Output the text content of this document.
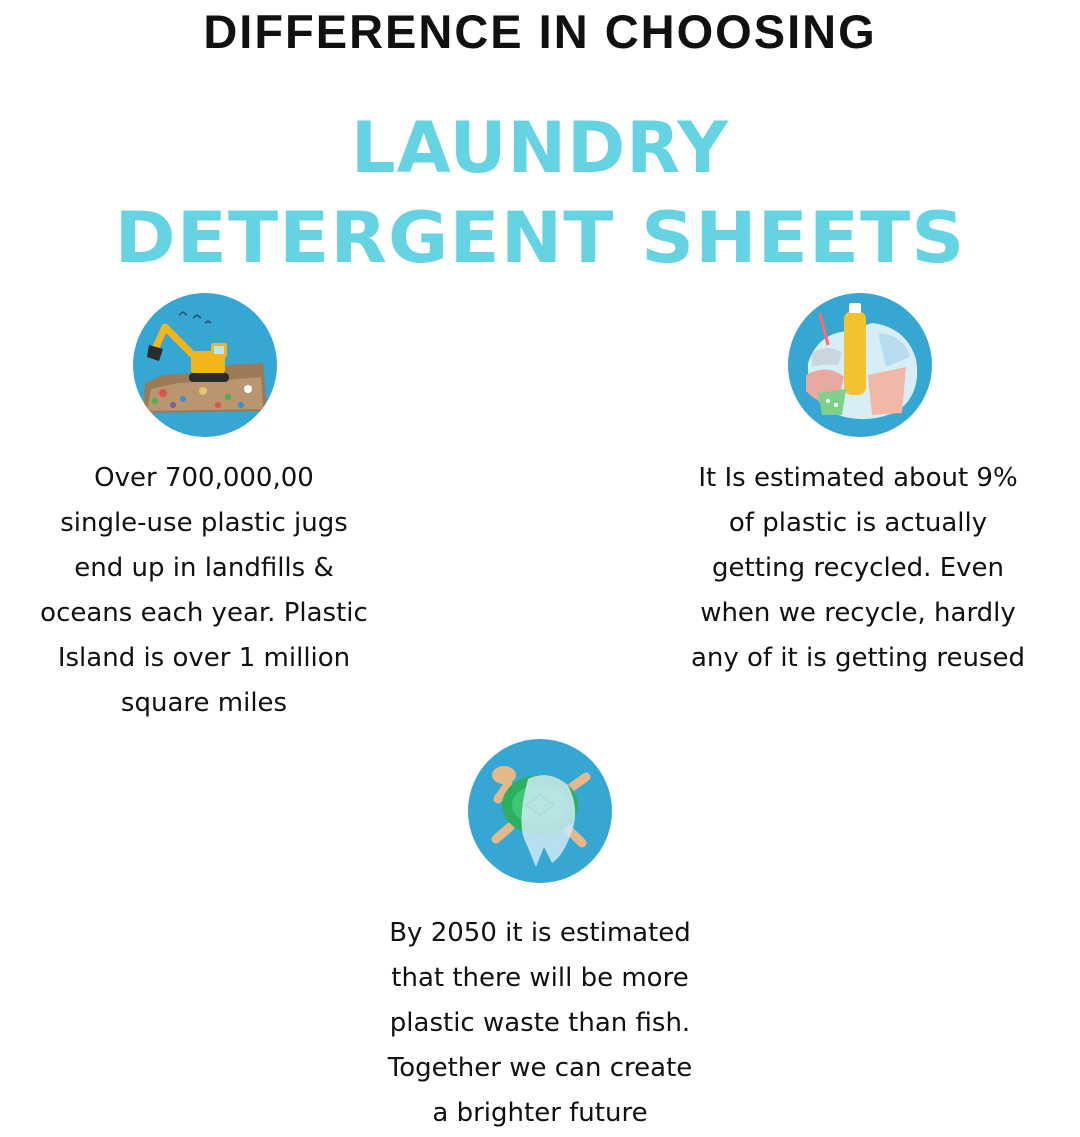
DIFFERENCE IN CHOOSING
LAUNDRY
DETERGENT SHEETS
Over 700,000,00
single-use plastic jugs
end up in landfills &
oceans each year. Plastic
Island is over 1 million
square miles
It Is estimated about 9%
of plastic is actually
getting recycled. Even
when we recycle, hardly
any of it is getting reused
By 2050 it is estimated
that there will be more
plastic waste than fish.
Together we can create
a brighter future
